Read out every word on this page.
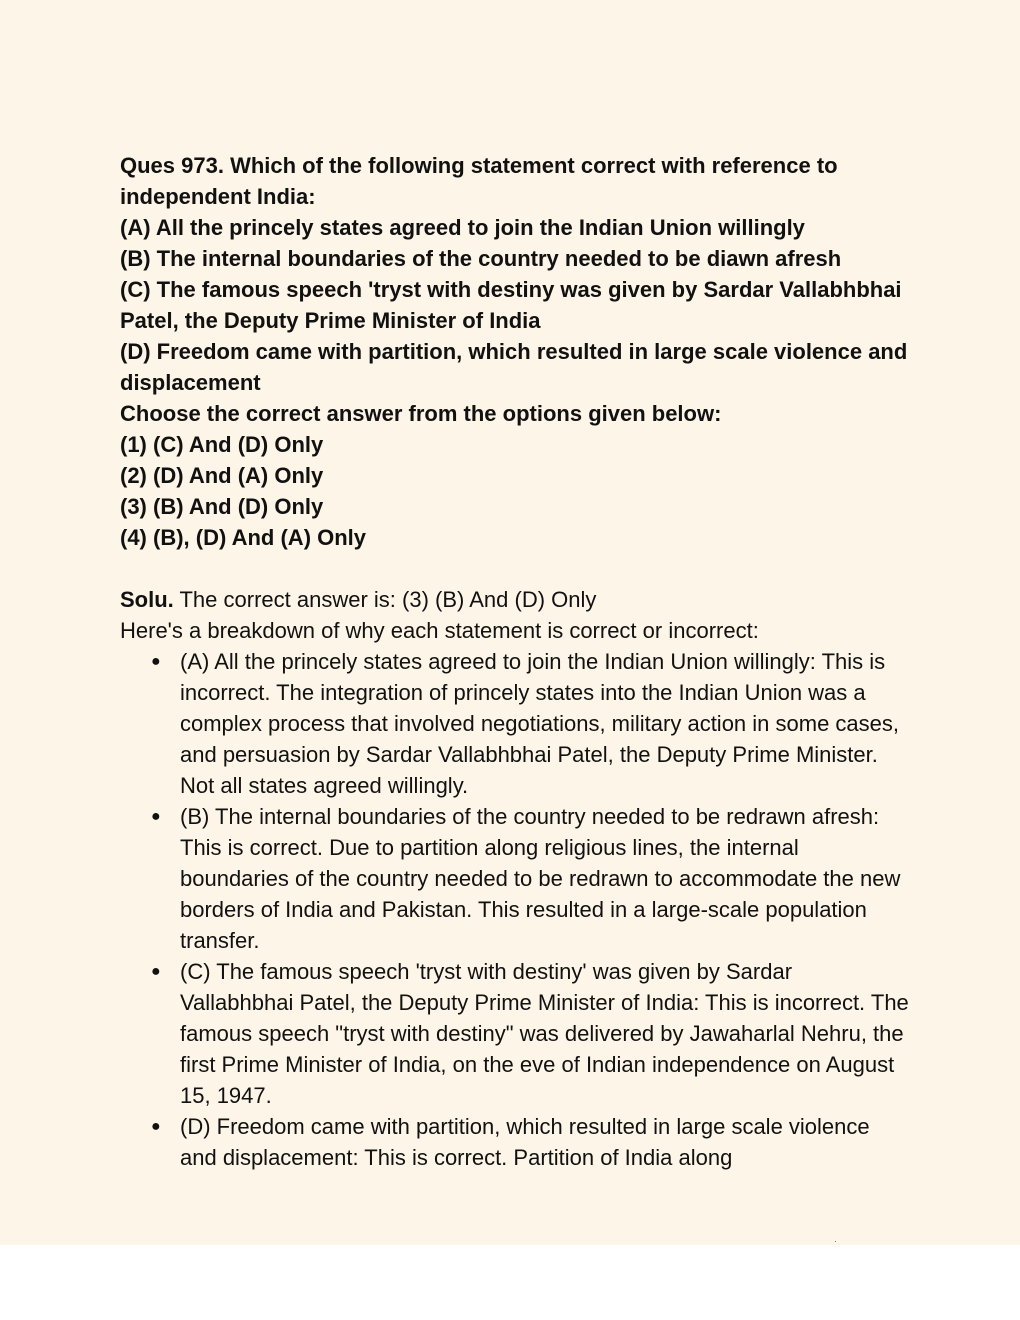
Ques 973. Which of the following statement correct with reference to independent India:

(A) All the princely states agreed to join the Indian Union willingly

(B) The internal boundaries of the country needed to be diawn afresh

(C) The famous speech 'tryst with destiny was given by Sardar Vallabhbhai Patel, the Deputy Prime Minister of India

(D) Freedom came with partition, which resulted in large scale violence and displacement

Choose the correct answer from the options given below:

(1) (C) And (D) Only

(2) (D) And (A) Only

(3) (B) And (D) Only

(4) (B), (D) And (A) Only

Solu. The correct answer is: (3) (B) And (D) Only

Here's a breakdown of why each statement is correct or incorrect:

● (A) All the princely states agreed to join the Indian Union willingly: This is incorrect. The integration of princely states into the Indian Union was a complex process that involved negotiations, military action in some cases, and persuasion by Sardar Vallabhbhai Patel, the Deputy Prime Minister. Not all states agreed willingly.
● (B) The internal boundaries of the country needed to be redrawn afresh: This is correct. Due to partition along religious lines, the internal boundaries of the country needed to be redrawn to accommodate the new borders of India and Pakistan. This resulted in a large-scale population transfer.
● (C) The famous speech 'tryst with destiny' was given by Sardar Vallabhbhai Patel, the Deputy Prime Minister of India: This is incorrect. The famous speech "tryst with destiny" was delivered by Jawaharlal Nehru, the first Prime Minister of India, on the eve of Indian independence on August 15, 1947.
● (D) Freedom came with partition, which resulted in large scale violence and displacement: This is correct. Partition of India along
